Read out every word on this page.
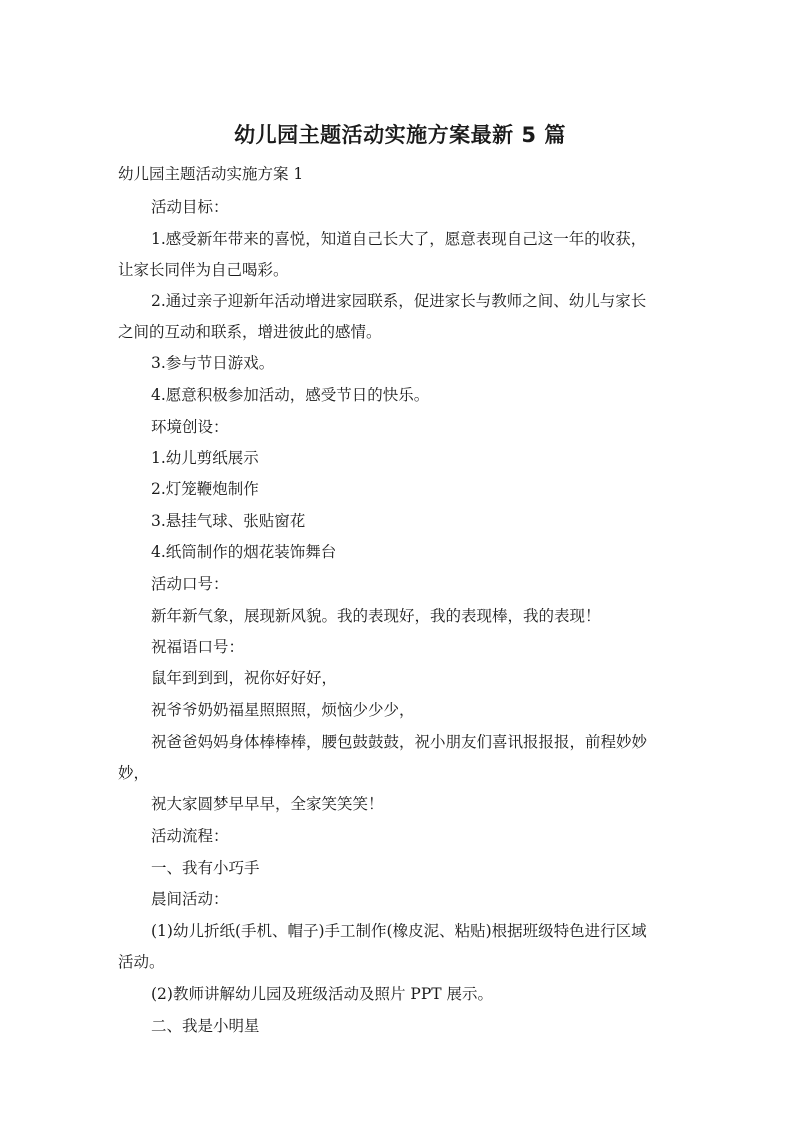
幼儿园主题活动实施方案最新 5 篇
幼儿园主题活动实施方案 1
活动目标：
1.感受新年带来的喜悦，知道自己长大了，愿意表现自己这一年的收获，
让家长同伴为自己喝彩。
2.通过亲子迎新年活动增进家园联系，促进家长与教师之间、幼儿与家长
之间的互动和联系，增进彼此的感情。
3.参与节日游戏。
4.愿意积极参加活动，感受节日的快乐。
环境创设：
1.幼儿剪纸展示
2.灯笼鞭炮制作
3.悬挂气球、张贴窗花
4.纸筒制作的烟花装饰舞台
活动口号：
新年新气象，展现新风貌。我的表现好，我的表现棒，我的表现！
祝福语口号：
鼠年到到到，祝你好好好，
祝爷爷奶奶福星照照照，烦恼少少少，
祝爸爸妈妈身体棒棒棒，腰包鼓鼓鼓，祝小朋友们喜讯报报报，前程妙妙
妙，
祝大家圆梦早早早，全家笑笑笑！
活动流程：
一、我有小巧手
晨间活动：
(1)幼儿折纸(手机、帽子)手工制作(橡皮泥、粘贴)根据班级特色进行区域
活动。
(2)教师讲解幼儿园及班级活动及照片 PPT 展示。
二、我是小明星
